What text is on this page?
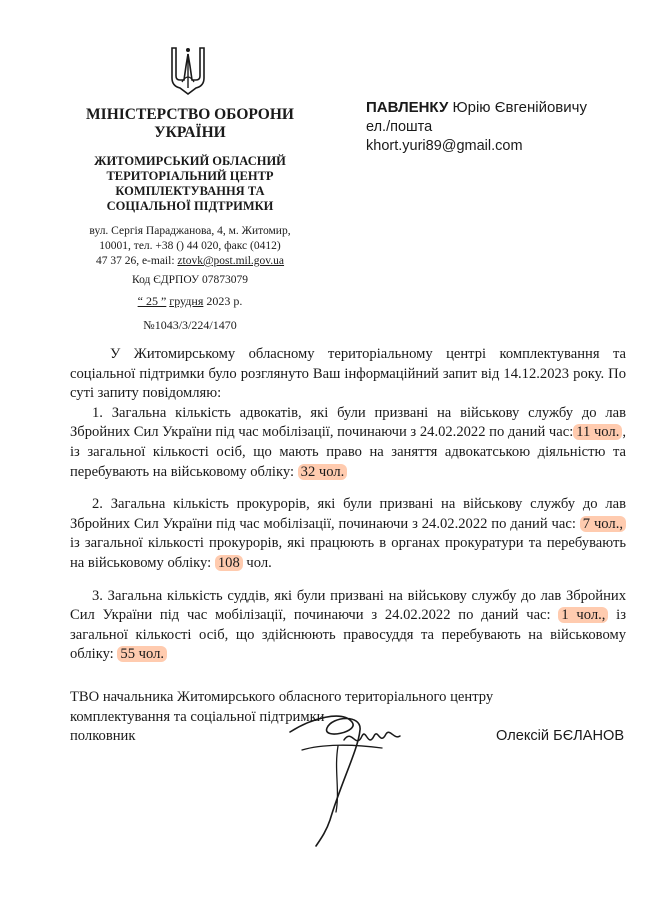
МІНІСТЕРСТВО ОБОРОНИ
УКРАЇНИ
ЖИТОМИРСЬКИЙ ОБЛАСНИЙ
ТЕРИТОРІАЛЬНИЙ ЦЕНТР
КОМПЛЕКТУВАННЯ ТА
СОЦІАЛЬНОЇ ПІДТРИМКИ
вул. Сергія Параджанова, 4, м. Житомир,
10001, тел. +38 () 44 020, факс (0412)
47 37 26, e-mail: ztovk@post.mil.gov.ua
Код ЄДРПОУ 07873079
“ 25 ” грудня 2023 р.
№1043/3/224/1470
ПАВЛЕНКУ Юрію Євгенійовичу
ел./пошта
khort.yuri89@gmail.com

У Житомирському обласному територіальному центрі комплектування та соціальної підтримки було розглянуто Ваш інформаційний запит від 14.12.2023 року. По суті запиту повідомляю:

1. Загальна кількість адвокатів, які були призвані на військову службу до лав Збройних Сил України під час мобілізації, починаючи з 24.02.2022 по даний час: 11 чол. , із загальної кількості осіб, що мають право на заняття адвокатською діяльністю та перебувають на військовому обліку: 32 чол.

2. Загальна кількість прокурорів, які були призвані на військову службу до лав Збройних Сил України під час мобілізації, починаючи з 24.02.2022 по даний час: 7 чол., із загальної кількості прокурорів, які працюють в органах прокуратури та перебувають на військовому обліку: 108 чол.

3. Загальна кількість суддів, які були призвані на військову службу до лав Збройних Сил України під час мобілізації, починаючи з 24.02.2022 по даний час: 1 чол., із загальної кількості осіб, що здійснюють правосуддя та перебувають на військовому обліку: 55 чол.

ТВО начальника Житомирського обласного територіального центру
комплектування та соціальної підтримки
полковник	Олексій БЄЛАНОВ
